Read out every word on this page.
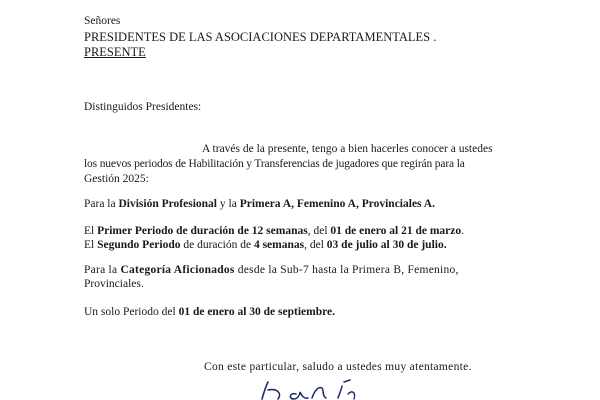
Señores
PRESIDENTES DE LAS ASOCIACIONES DEPARTAMENTALES .
PRESENTE
Distinguidos Presidentes:
A través de la presente, tengo a bien hacerles conocer a ustedes
los nuevos periodos de Habilitación y Transferencias de jugadores que regirán para la
Gestión 2025:
Para la División Profesional y la Primera A, Femenino A, Provinciales A.
El Primer Periodo de duración de 12 semanas, del 01 de enero al 21 de marzo.
El Segundo Periodo de duración de 4 semanas, del 03 de julio al 30 de julio.
Para la Categoría Aficionados desde la Sub-7 hasta la Primera B, Femenino,
Provinciales.
Un solo Periodo del 01 de enero al 30 de septiembre.
Con este particular, saludo a ustedes muy atentamente.
